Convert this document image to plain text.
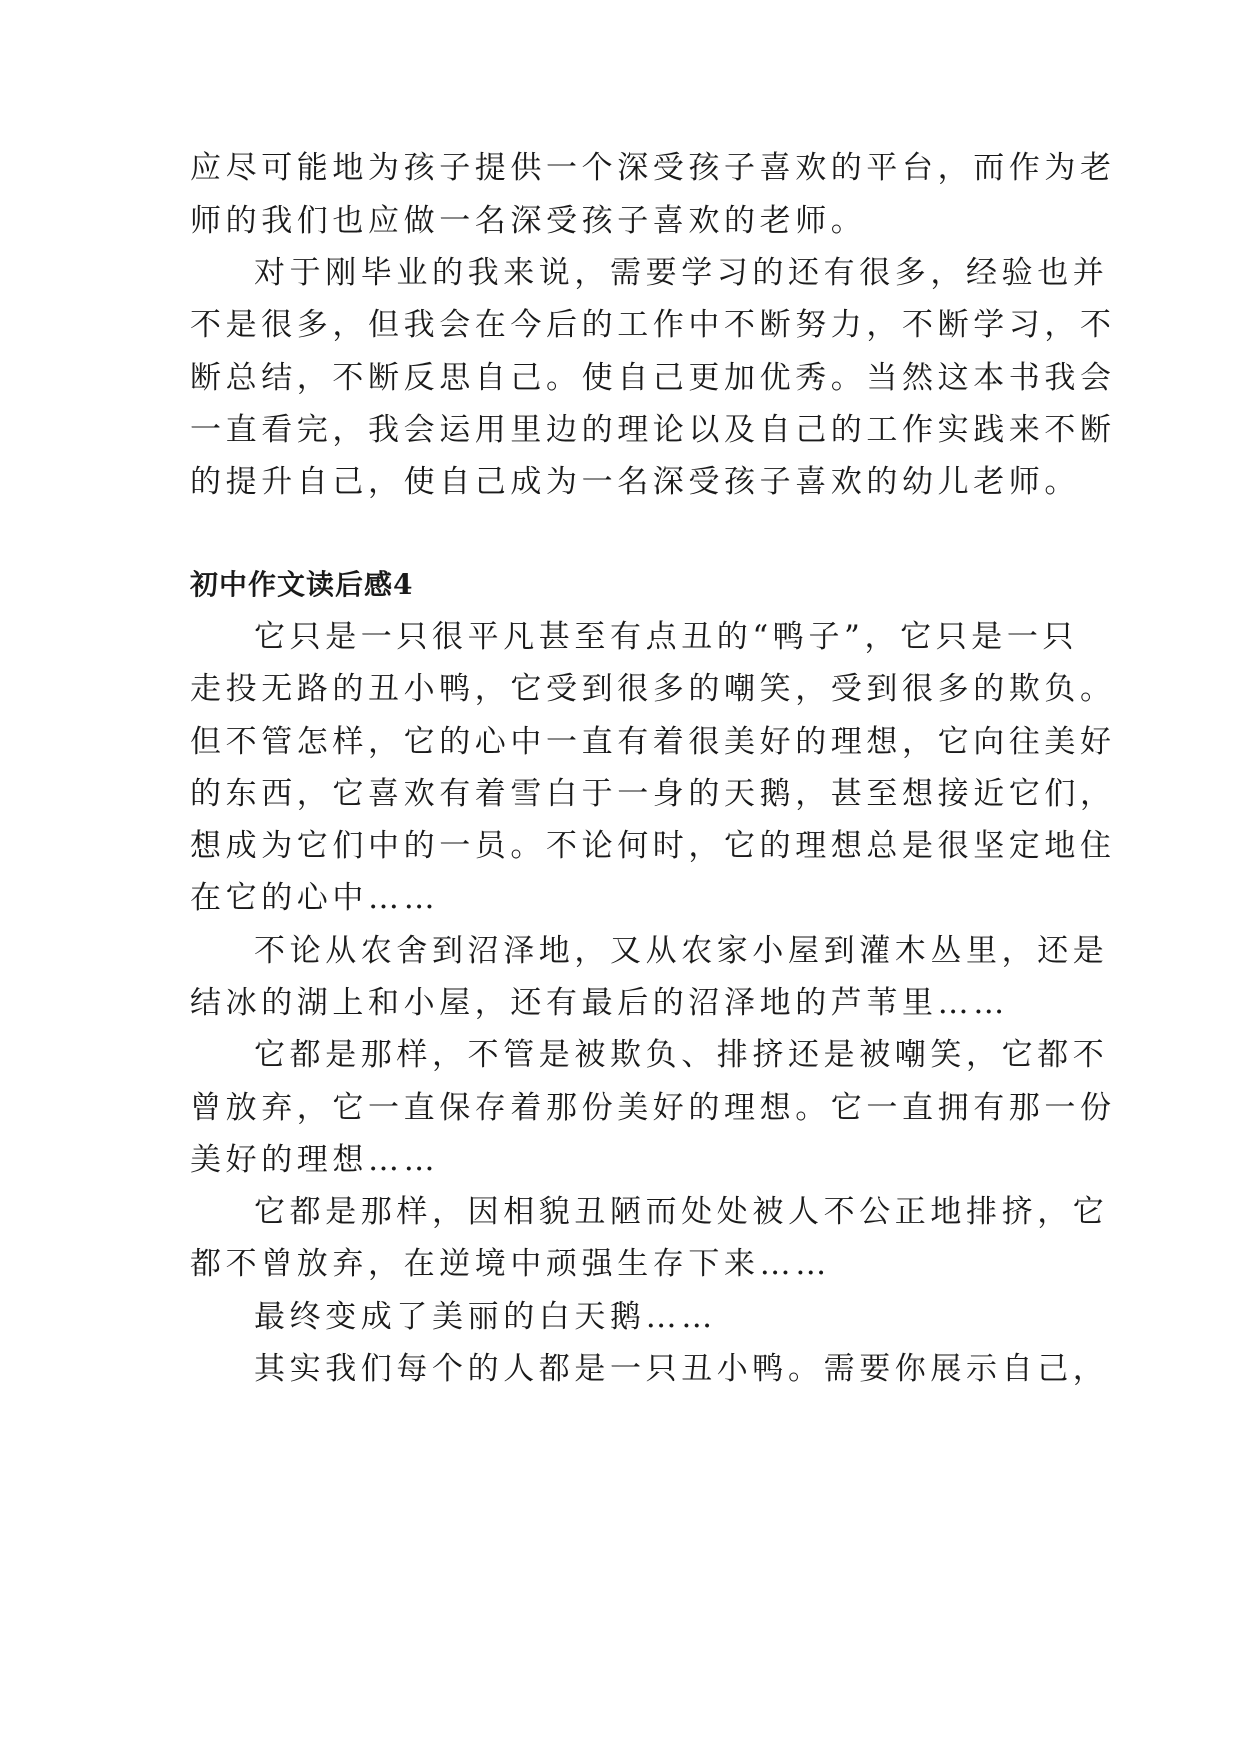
应尽可能地为孩子提供一个深受孩子喜欢的平台，而作为老

师的我们也应做一名深受孩子喜欢的老师。

对于刚毕业的我来说，需要学习的还有很多，经验也并

不是很多，但我会在今后的工作中不断努力，不断学习，不

断总结，不断反思自己。使自己更加优秀。当然这本书我会

一直看完，我会运用里边的理论以及自己的工作实践来不断

的提升自己，使自己成为一名深受孩子喜欢的幼儿老师。

初中作文读后感4

它只是一只很平凡甚至有点丑的“鸭子”，它只是一只

走投无路的丑小鸭，它受到很多的嘲笑，受到很多的欺负。

但不管怎样，它的心中一直有着很美好的理想，它向往美好

的东西，它喜欢有着雪白于一身的天鹅，甚至想接近它们，

想成为它们中的一员。不论何时，它的理想总是很坚定地住

在它的心中……

不论从农舍到沼泽地，又从农家小屋到灌木丛里，还是

结冰的湖上和小屋，还有最后的沼泽地的芦苇里……

它都是那样，不管是被欺负、排挤还是被嘲笑，它都不

曾放弃，它一直保存着那份美好的理想。它一直拥有那一份

美好的理想……

它都是那样，因相貌丑陋而处处被人不公正地排挤，它

都不曾放弃，在逆境中顽强生存下来……

最终变成了美丽的白天鹅……

其实我们每个的人都是一只丑小鸭。需要你展示自己，
